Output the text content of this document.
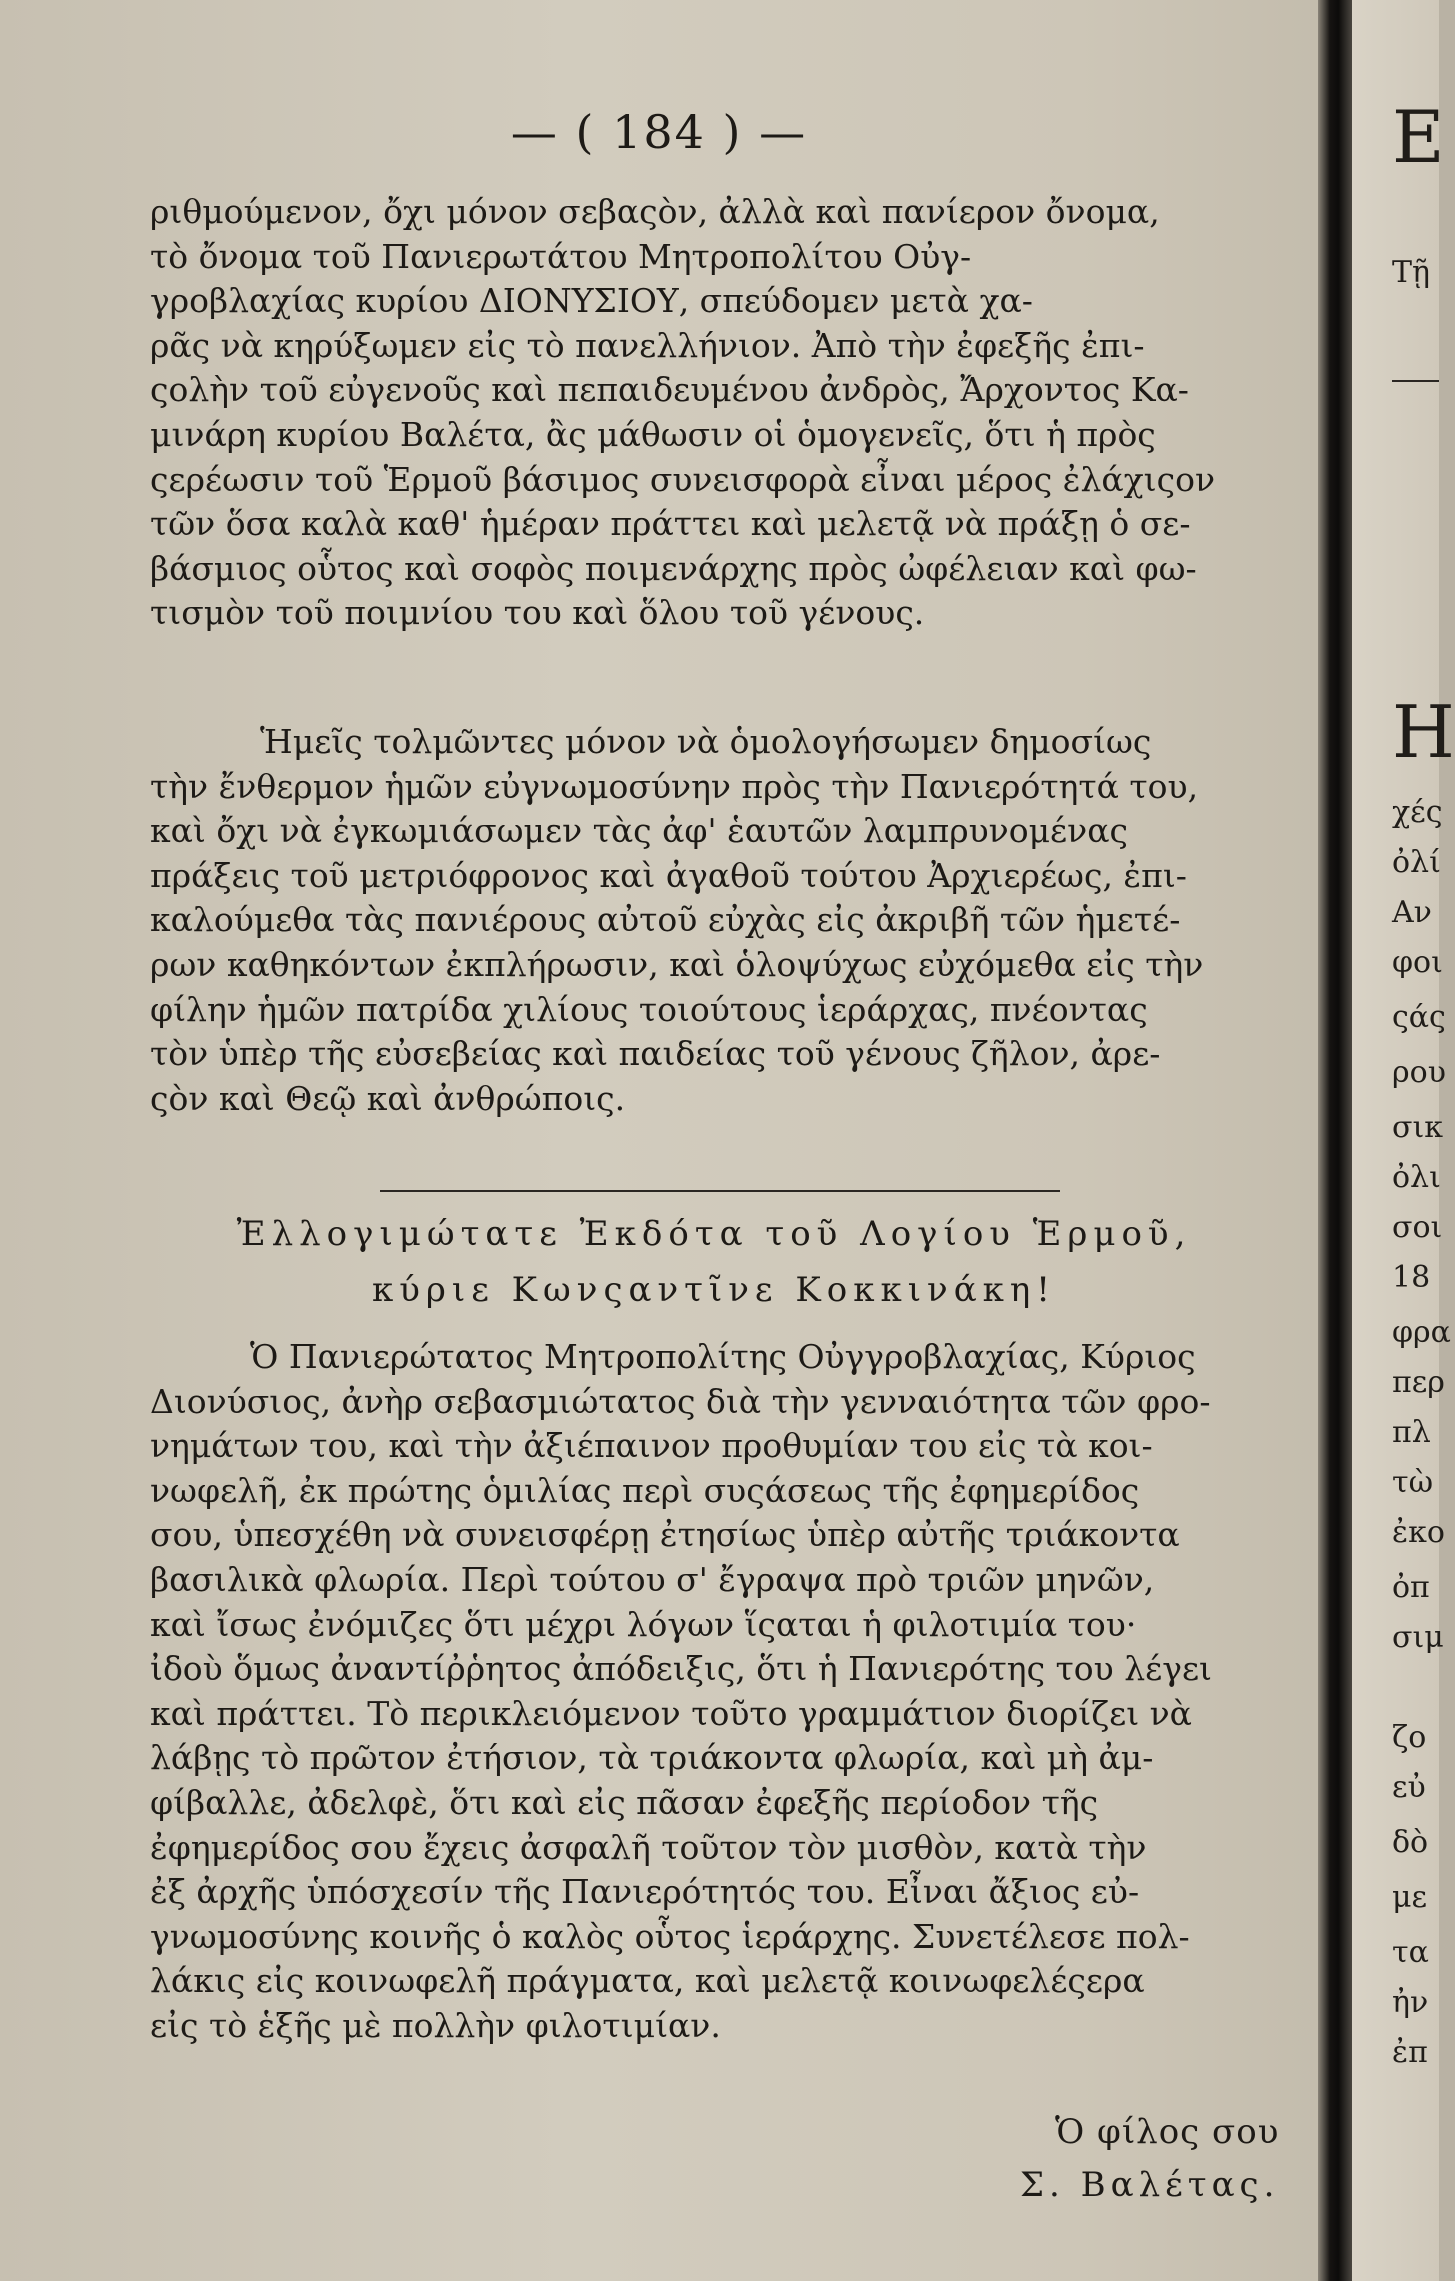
— ( 184 ) —
ριθμούμενον, ὄχι μόνον σεβαςὸν, ἀλλὰ καὶ πανίερον ὄνομα,
τὸ ὄνομα τοῦ Πανιερωτάτου Μητροπολίτου Οὐγ-
γροβλαχίας κυρίου ΔΙΟΝΥΣΙΟΥ, σπεύδομεν μετὰ χα-
ρᾶς νὰ κηρύξωμεν εἰς τὸ πανελλήνιον. Ἀπὸ τὴν ἐφεξῆς ἐπι-
ςολὴν τοῦ εὐγενοῦς καὶ πεπαιδευμένου ἀνδρὸς, Ἄρχοντος Κα-
μινάρη κυρίου Βαλέτα, ἂς μάθωσιν οἱ ὁμογενεῖς, ὅτι ἡ πρὸς
ςερέωσιν τοῦ Ἑρμοῦ βάσιμος συνεισφορὰ εἶναι μέρος ἐλάχιςον
τῶν ὅσα καλὰ καθ' ἡμέραν πράττει καὶ μελετᾷ νὰ πράξῃ ὁ σε-
βάσμιος οὗτος καὶ σοφὸς ποιμενάρχης πρὸς ὠφέλειαν καὶ φω-
τισμὸν τοῦ ποιμνίου του καὶ ὅλου τοῦ γένους.
Ἡμεῖς τολμῶντες μόνον νὰ ὁμολογήσωμεν δημοσίως
τὴν ἔνθερμον ἡμῶν εὐγνωμοσύνην πρὸς τὴν Πανιερότητά του,
καὶ ὄχι νὰ ἐγκωμιάσωμεν τὰς ἀφ' ἑαυτῶν λαμπρυνομένας
πράξεις τοῦ μετριόφρονος καὶ ἀγαθοῦ τούτου Ἀρχιερέως, ἐπι-
καλούμεθα τὰς πανιέρους αὐτοῦ εὐχὰς εἰς ἀκριβῆ τῶν ἡμετέ-
ρων καθηκόντων ἐκπλήρωσιν, καὶ ὁλοψύχως εὐχόμεθα εἰς τὴν
φίλην ἡμῶν πατρίδα χιλίους τοιούτους ἱεράρχας, πνέοντας
τὸν ὑπὲρ τῆς εὐσεβείας καὶ παιδείας τοῦ γένους ζῆλον, ἀρε-
ςὸν καὶ Θεῷ καὶ ἀνθρώποις.
Ἐλλογιμώτατε Ἐκδότα τοῦ Λογίου Ἑρμοῦ,
κύριε Κωνςαντῖνε Κοκκινάκη!
Ὁ Πανιερώτατος Μητροπολίτης Οὐγγροβλαχίας, Κύριος
Διονύσιος, ἀνὴρ σεβασμιώτατος διὰ τὴν γενναιότητα τῶν φρο-
νημάτων του, καὶ τὴν ἀξιέπαινον προθυμίαν του εἰς τὰ κοι-
νωφελῆ, ἐκ πρώτης ὁμιλίας περὶ συςάσεως τῆς ἐφημερίδος
σου, ὑπεσχέθη νὰ συνεισφέρῃ ἐτησίως ὑπὲρ αὐτῆς τριάκοντα
βασιλικὰ φλωρία. Περὶ τούτου σ' ἔγραψα πρὸ τριῶν μηνῶν,
καὶ ἴσως ἐνόμιζες ὅτι μέχρι λόγων ἵςαται ἡ φιλοτιμία του·
ἰδοὺ ὅμως ἀναντίῤῥητος ἀπόδειξις, ὅτι ἡ Πανιερότης του λέγει
καὶ πράττει. Τὸ περικλειόμενον τοῦτο γραμμάτιον διορίζει νὰ
λάβῃς τὸ πρῶτον ἐτήσιον, τὰ τριάκοντα φλωρία, καὶ μὴ ἀμ-
φίβαλλε, ἀδελφὲ, ὅτι καὶ εἰς πᾶσαν ἐφεξῆς περίοδον τῆς
ἐφημερίδος σου ἔχεις ἀσφαλῆ τοῦτον τὸν μισθὸν, κατὰ τὴν
ἐξ ἀρχῆς ὑπόσχεσίν τῆς Πανιερότητός του. Εἶναι ἄξιος εὐ-
γνωμοσύνης κοινῆς ὁ καλὸς οὗτος ἱεράρχης. Συνετέλεσε πολ-
λάκις εἰς κοινωφελῆ πράγματα, καὶ μελετᾷ κοινωφελέςερα
εἰς τὸ ἑξῆς μὲ πολλὴν φιλοτιμίαν.
Ὁ φίλος σου
Σ. Βαλέτας.
E
Τῇ
H
χές
ὀλί
Αν
φοι
ςάς
ρου
σικ
ὀλι
σοι
18
φρα
περ
πλ
τὼ
ἐκο
ὀπ
σιμ
ζο
εὐ
δὸ
με
τα
ἠν
ἐπ
